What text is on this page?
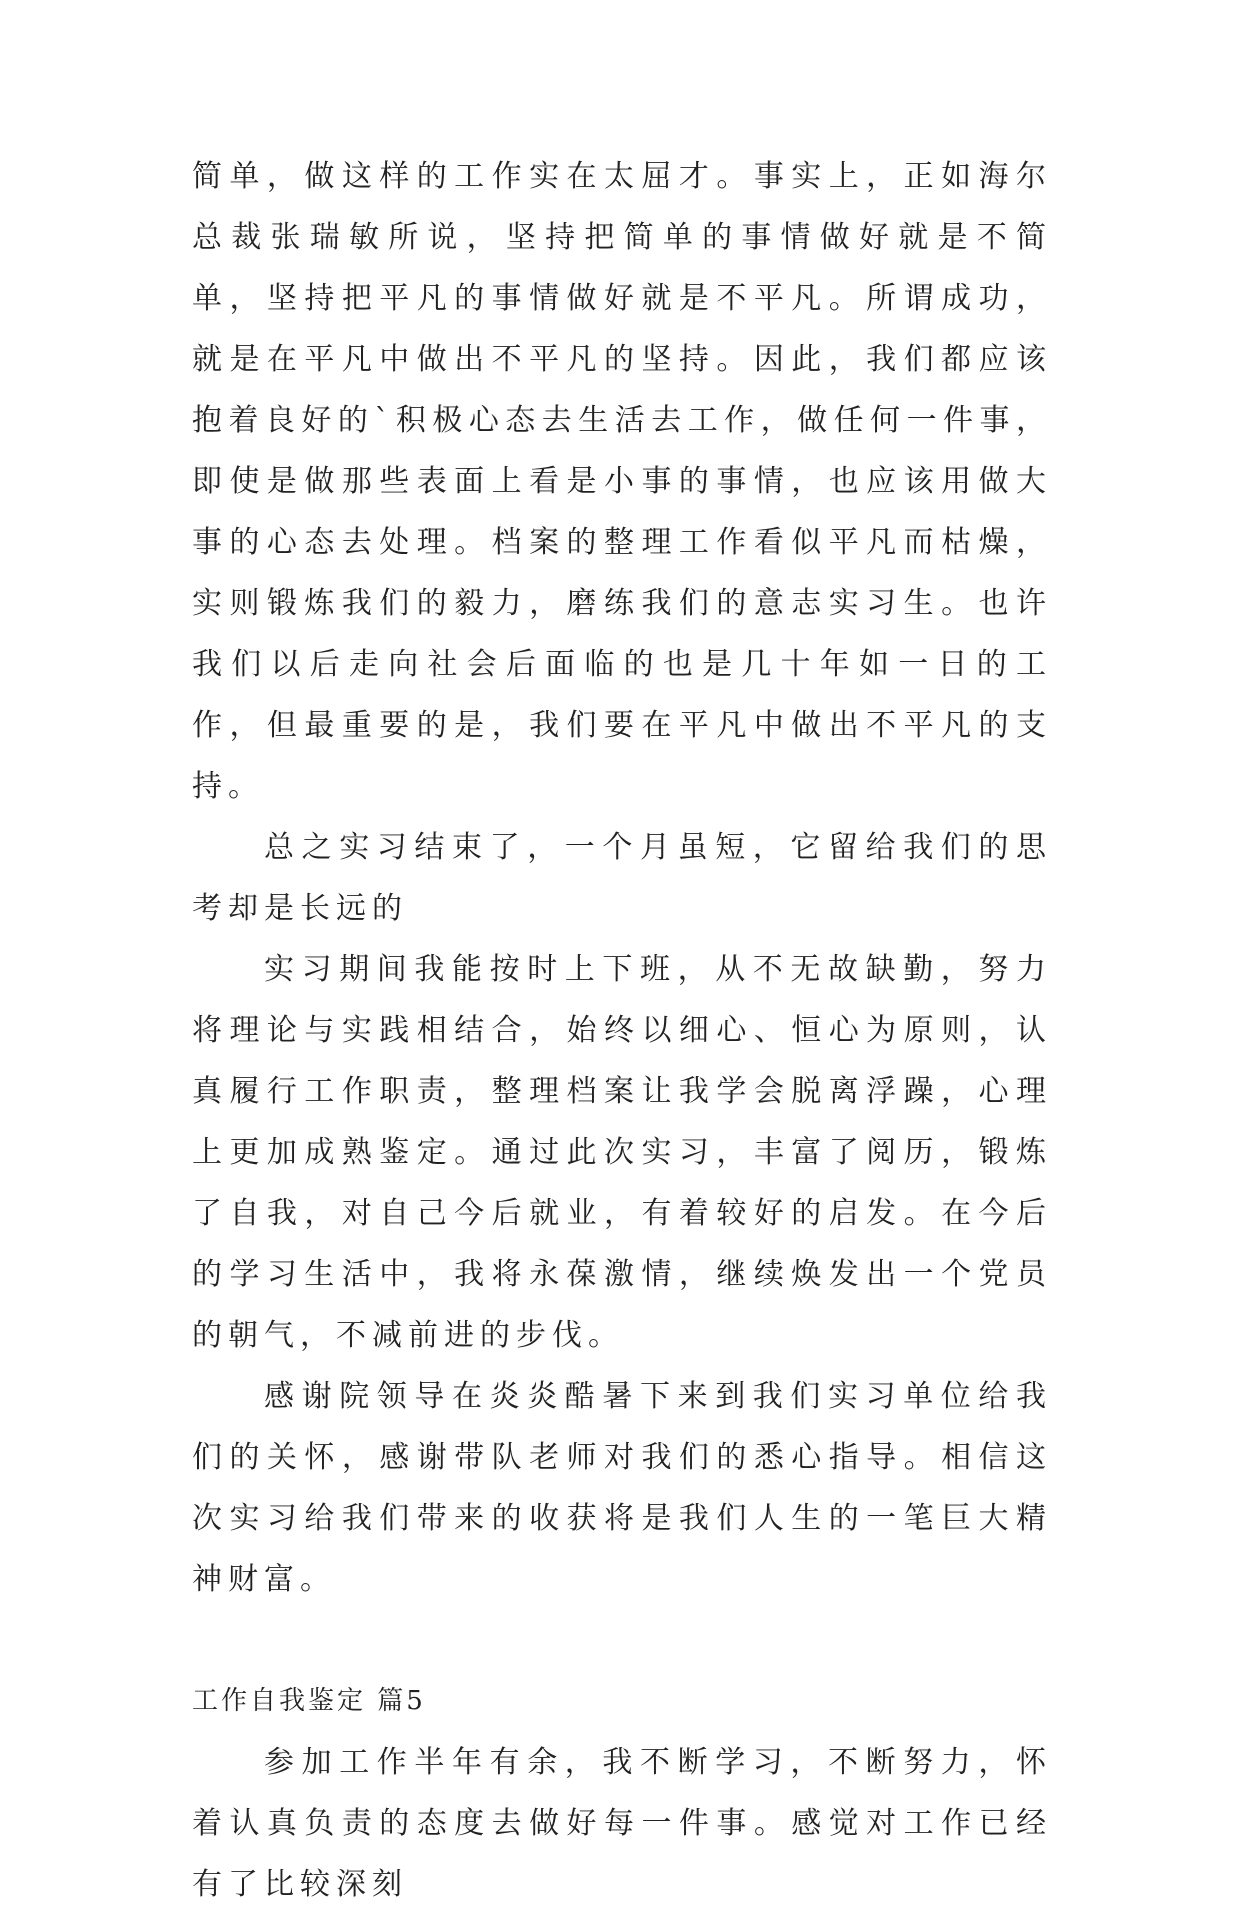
简单，做这样的工作实在太屈才。事实上，正如海尔总裁张瑞敏所说，坚持把简单的事情做好就是不简单，坚持把平凡的事情做好就是不平凡。所谓成功，就是在平凡中做出不平凡的坚持。因此，我们都应该抱着良好的`积极心态去生活去工作，做任何一件事，即使是做那些表面上看是小事的事情，也应该用做大事的心态去处理。档案的整理工作看似平凡而枯燥，实则锻炼我们的毅力，磨练我们的意志实习生。也许我们以后走向社会后面临的也是几十年如一日的工作，但最重要的是，我们要在平凡中做出不平凡的支持。

总之实习结束了，一个月虽短，它留给我们的思考却是长远的

实习期间我能按时上下班，从不无故缺勤，努力将理论与实践相结合，始终以细心、恒心为原则，认真履行工作职责，整理档案让我学会脱离浮躁，心理上更加成熟鉴定。通过此次实习，丰富了阅历，锻炼了自我，对自己今后就业，有着较好的启发。在今后的学习生活中，我将永葆激情，继续焕发出一个党员的朝气，不减前进的步伐。

感谢院领导在炎炎酷暑下来到我们实习单位给我们的关怀，感谢带队老师对我们的悉心指导。相信这次实习给我们带来的收获将是我们人生的一笔巨大精神财富。

工作自我鉴定 篇5

参加工作半年有余，我不断学习，不断努力，怀着认真负责的态度去做好每一件事。感觉对工作已经有了比较深刻
